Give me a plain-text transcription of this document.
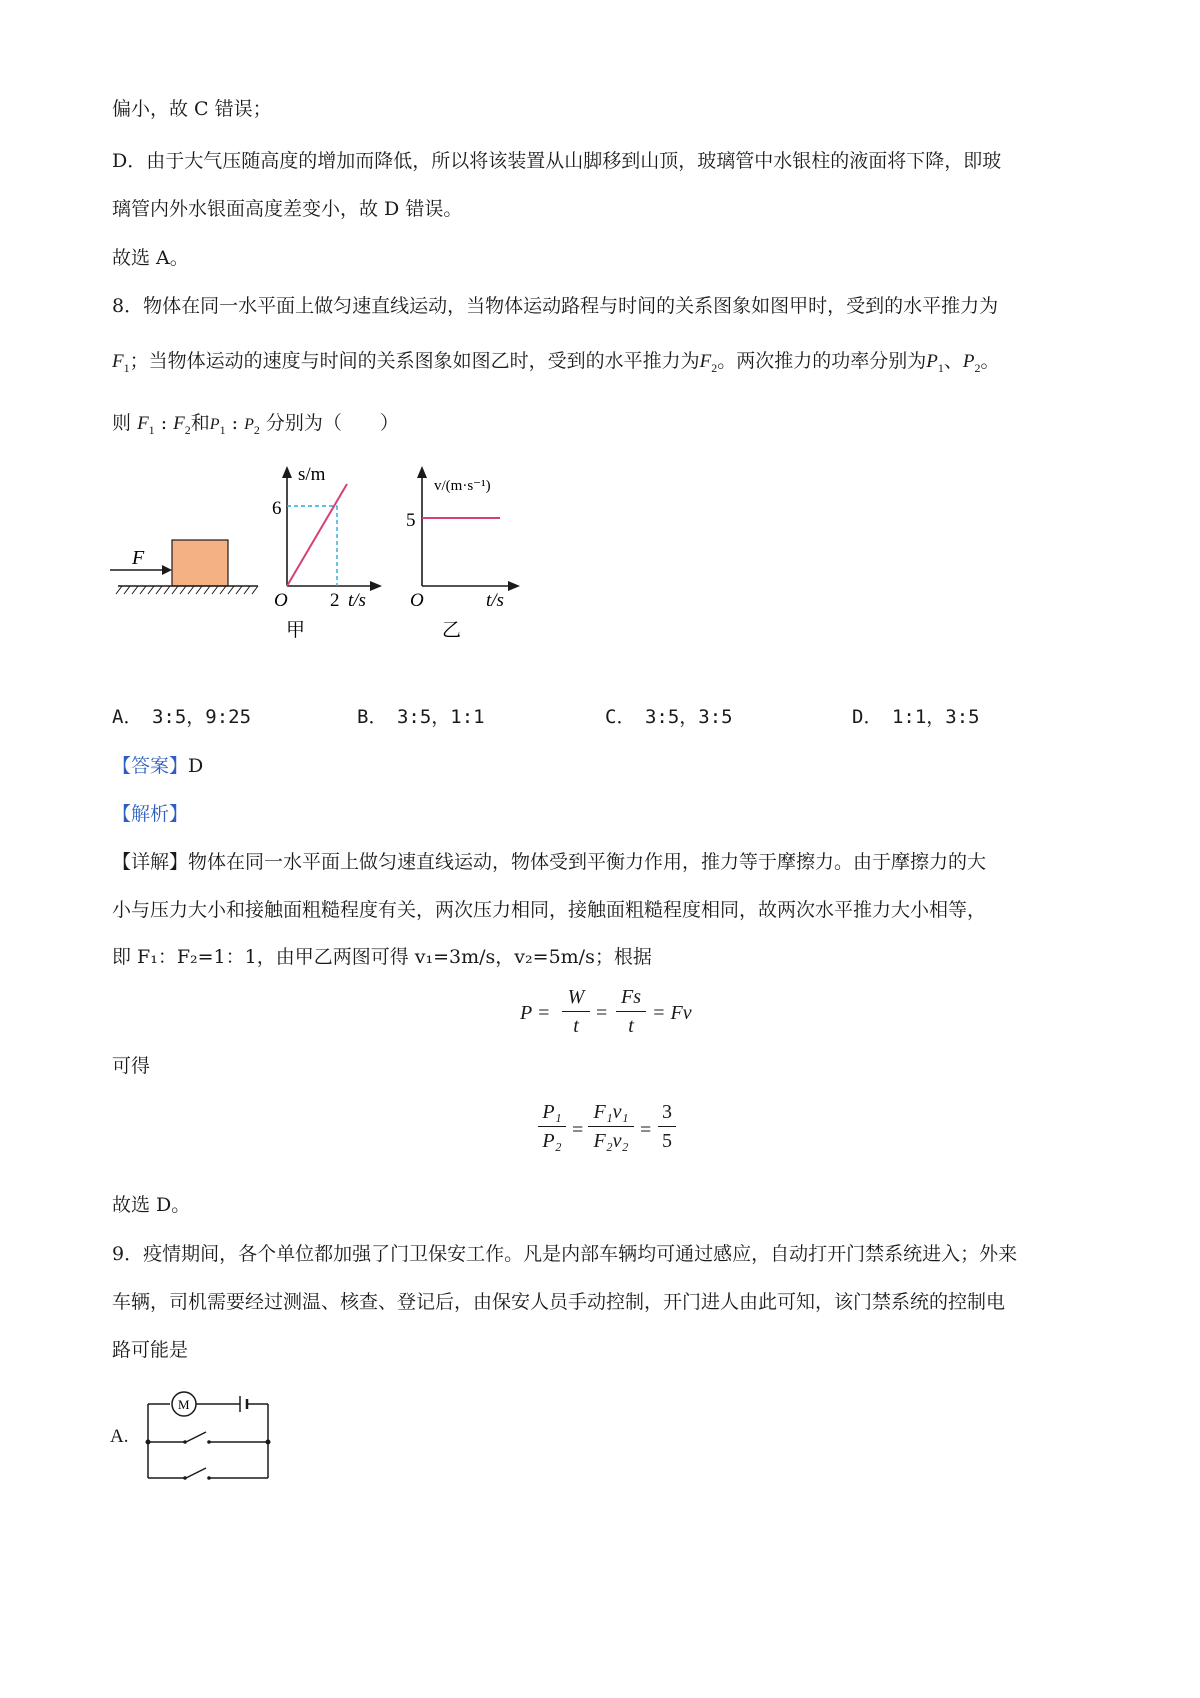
偏小，故 C 错误；
D．由于大气压随高度的增加而降低，所以将该装置从山脚移到山顶，玻璃管中水银柱的液面将下降，即玻
璃管内外水银面高度差变小，故 D 错误。
故选 A。
8．物体在同一水平面上做匀速直线运动，当物体运动路程与时间的关系图象如图甲时，受到的水平推力为
$F_1$；当物体运动的速度与时间的关系图象如图乙时，受到的水平推力为$F_2$。两次推力的功率分别为$P_1$、$P_2$。
则 $F_1$ : $F_2$和$P_1$ : $P_2$ 分别为（　　）
F
s/m
6
2 t/s
O
甲
v/(m·s⁻¹)
5
t/s
O
乙
A．　3:5，9:25	B．　3:5，1:1	C．　3:5，3:5	D．　1:1，3:5
【答案】D
【解析】
【详解】物体在同一水平面上做匀速直线运动，物体受到平衡力作用，推力等于摩擦力。由于摩擦力的大
小与压力大小和接触面粗糙程度有关，两次压力相同，接触面粗糙程度相同，故两次水平推力大小相等，
即 F₁：F₂=1：1，由甲乙两图可得 v₁=3m/s，v₂=5m/s；根据
P =
W
t
=
Fs
t
= Fv
可得
P₁
P₂ =
F₁v₁
F₂v₂ =
3
5
故选 D。
9．疫情期间，各个单位都加强了门卫保安工作。凡是内部车辆均可通过感应，自动打开门禁系统进入；外来
车辆，司机需要经过测温、核查、登记后，由保安人员手动控制，开门进人由此可知，该门禁系统的控制电
路可能是
A.
M
